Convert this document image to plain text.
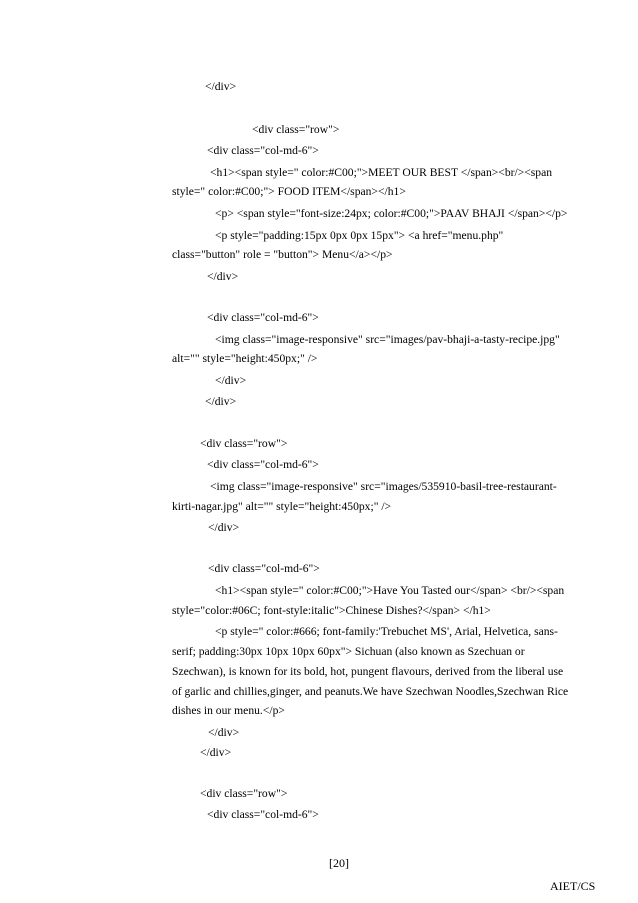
</div>
<div class="row">
<div class="col-md-6">
<h1><span style=" color:#C00;">MEET OUR BEST </span><br/><span
style=" color:#C00;"> FOOD ITEM</span></h1>
<p> <span style="font-size:24px; color:#C00;">PAAV BHAJI </span></p>
<p style="padding:15px 0px 0px 15px"> <a href="menu.php"
class="button" role = "button"> Menu</a></p>
</div>
<div class="col-md-6">
<img class="image-responsive" src="images/pav-bhaji-a-tasty-recipe.jpg"
alt="" style="height:450px;" />
</div>
</div>
<div class="row">
<div class="col-md-6">
<img class="image-responsive" src="images/535910-basil-tree-restaurant-
kirti-nagar.jpg" alt="" style="height:450px;" />
</div>
<div class="col-md-6">
<h1><span style=" color:#C00;">Have You Tasted our</span> <br/><span
style="color:#06C; font-style:italic">Chinese Dishes?</span> </h1>
<p style=" color:#666; font-family:'Trebuchet MS', Arial, Helvetica, sans-
serif; padding:30px 10px 10px 60px"> Sichuan (also known as Szechuan or
Szechwan), is known for its bold, hot, pungent flavours, derived from the liberal use
of garlic and chillies,ginger, and peanuts.We have Szechwan Noodles,Szechwan Rice
dishes in our menu.</p>
</div>
</div>
<div class="row">
<div class="col-md-6">
[20]
AIET/CS
